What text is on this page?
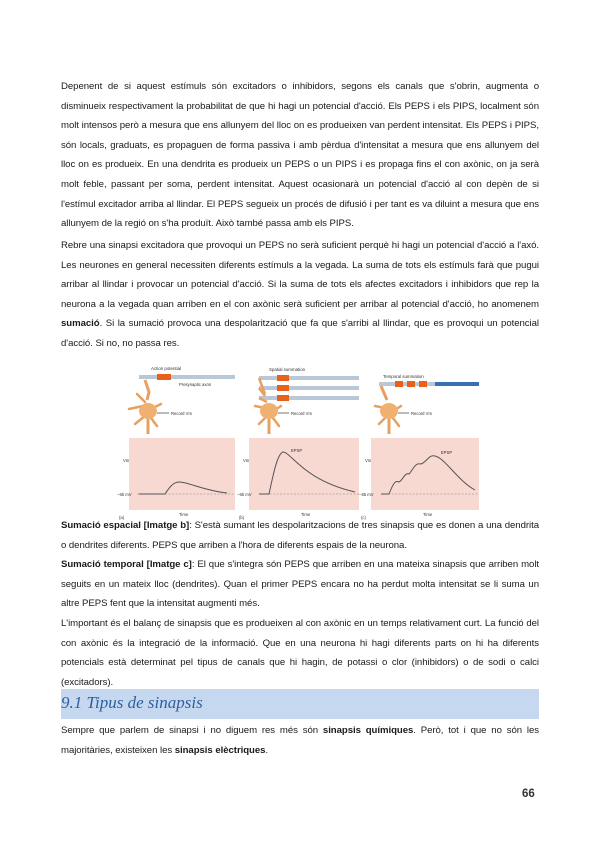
Depenent de si aquest estímuls són excitadors o inhibidors, segons els canals que s'obrin, augmenta o disminueix respectivament la probabilitat de que hi hagi un potencial d'acció. Els PEPS i els PIPS, localment són molt intensos però a mesura que ens allunyem del lloc on es produeixen van perdent intensitat. Els PEPS i PIPS, són locals, graduats, es propaguen de forma passiva i amb pèrdua d'intensitat a mesura que ens allunyem del lloc on es produeix. En una dendrita es produeix un PEPS o un PIPS i es propaga fins el con axònic, on ja serà molt feble, passant per soma, perdent intensitat. Aquest ocasionarà un potencial d'acció al con depèn de si l'estímul excitador arriba al llindar. El PEPS segueix un procés de difusió i per tant es va diluint a mesura que ens allunyem de la regió on s'ha produït. Això també passa amb els PIPS.

Rebre una sinapsi excitadora que provoqui un PEPS no serà suficient perquè hi hagi un potencial d'acció a l'axó. Les neurones en general necessiten diferents estímuls a la vegada. La suma de tots els estímuls farà que pugui arribar al llindar i provocar un potencial d'acció. Si la suma de tots els afectes excitadors i inhibidors que rep la neurona a la vegada quan arriben en el con axònic serà suficient per arribar al potencial d'acció, ho anomenem sumació. Si la sumació provoca una despolarització que fa que s'arribi al llindar, que es provoqui un potencial d'acció. Si no, no passa res.

Action potential
Presynaptic axon
Record Vm
Vm
−65 mV
Time
(a)
Spatial summation
Record Vm
Vm
−65 mV
EPSP
Time
(b)
Temporal summation
Record Vm
Vm
−65 mV
EPSP
Time
(c)

Sumació espacial [Imatge b]: S'està sumant les despolaritzacions de tres sinapsis que es donen a una dendrita o dendrites diferents. PEPS que arriben a l'hora de diferents espais de la neurona.

Sumació temporal [Imatge c]: El que s'integra són PEPS que arriben en una mateixa sinapsis que arriben molt seguits en un mateix lloc (dendrites). Quan el primer PEPS encara no ha perdut molta intensitat se li suma un altre PEPS fent que la intensitat augmenti més.

L'important és el balanç de sinapsis que es produeixen al con axònic en un temps relativament curt. La funció del con axònic és la integració de la informació. Que en una neurona hi hagi diferents parts on hi ha diferents potencials està determinat pel tipus de canals que hi hagin, de potassi o clor (inhibidors) o de sodi o calci (excitadors).

9.1 Tipus de sinapsis

Sempre que parlem de sinapsi i no diguem res més són sinapsis químiques. Però, tot i que no són les majoritàries, existeixen les sinapsis elèctriques.

66
